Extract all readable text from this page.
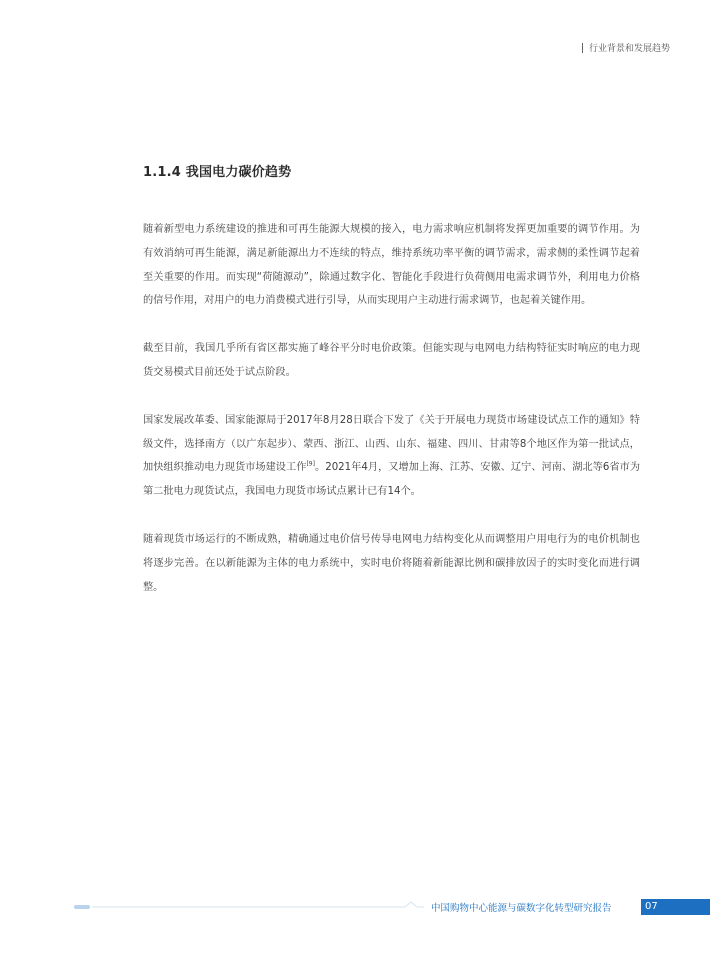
行业背景和发展趋势
1.1.4 我国电力碳价趋势

随着新型电力系统建设的推进和可再生能源大规模的接入，电力需求响应机制将发挥更加重要的调节作用。为有效消纳可再生能源，满足新能源出力不连续的特点，维持系统功率平衡的调节需求，需求侧的柔性调节起着至关重要的作用。而实现“荷随源动”，除通过数字化、智能化手段进行负荷侧用电需求调节外，利用电力价格的信号作用，对用户的电力消费模式进行引导，从而实现用户主动进行需求调节，也起着关键作用。

截至目前，我国几乎所有省区都实施了峰谷平分时电价政策。但能实现与电网电力结构特征实时响应的电力现货交易模式目前还处于试点阶段。

国家发展改革委、国家能源局于2017年8月28日联合下发了《关于开展电力现货市场建设试点工作的通知》特级文件，选择南方（以广东起步）、蒙西、浙江、山西、山东、福建、四川、甘肃等8个地区作为第一批试点，加快组织推动电力现货市场建设工作[9]。2021年4月，又增加上海、江苏、安徽、辽宁、河南、湖北等6省市为第二批电力现货试点，我国电力现货市场试点累计已有14个。

随着现货市场运行的不断成熟，精确通过电价信号传导电网电力结构变化从而调整用户用电行为的电价机制也将逐步完善。在以新能源为主体的电力系统中，实时电价将随着新能源比例和碳排放因子的实时变化而进行调整。

中国购物中心能源与碳数字化转型研究报告	07
